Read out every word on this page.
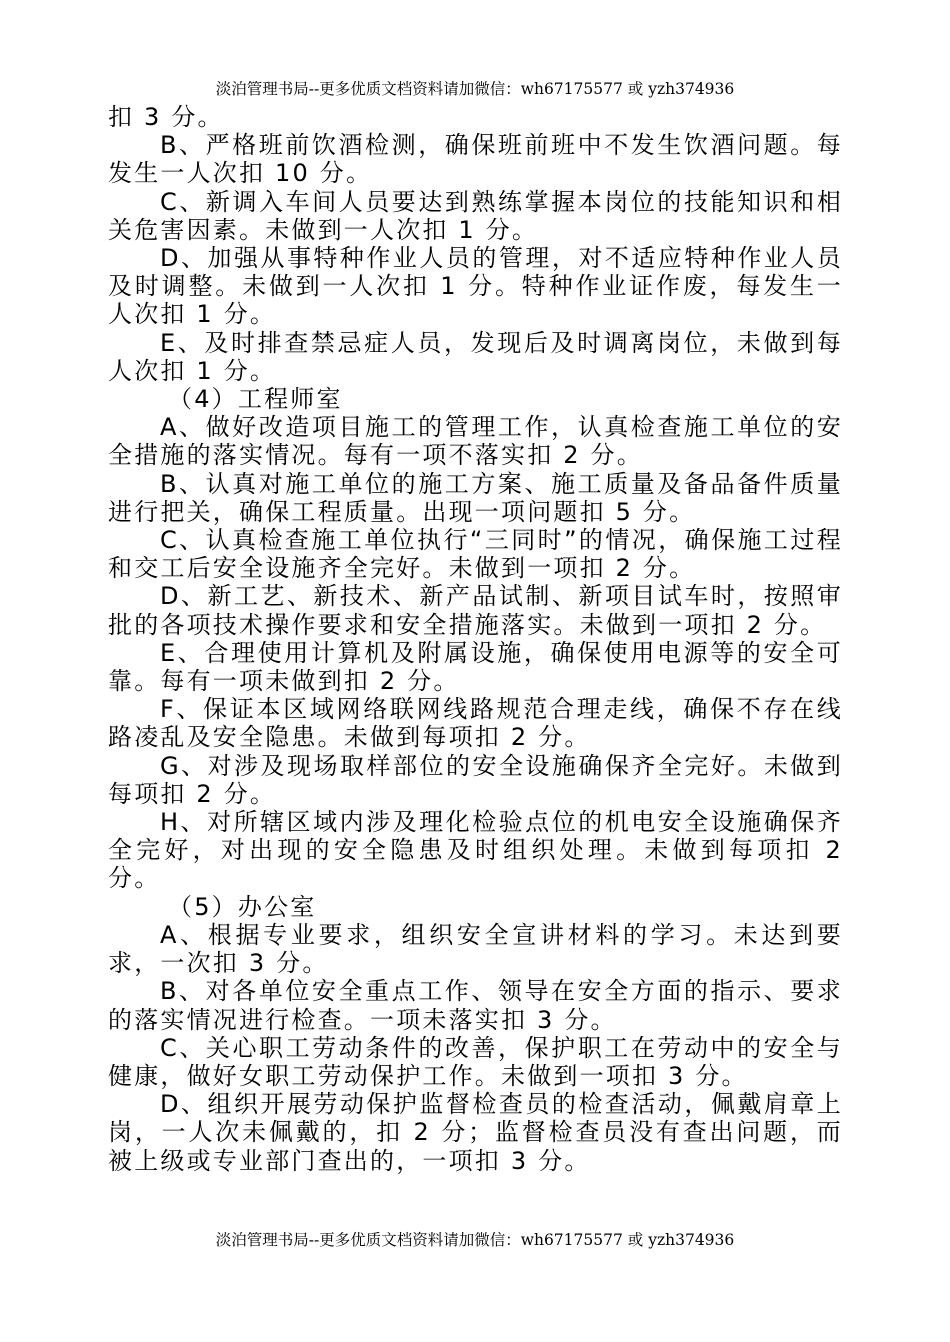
淡泊管理书局--更多优质文档资料请加微信：wh67175577 或 yzh374936

扣 3 分。

B、严格班前饮酒检测，确保班前班中不发生饮酒问题。每发生一人次扣 10 分。

C、新调入车间人员要达到熟练掌握本岗位的技能知识和相关危害因素。未做到一人次扣 1 分。

D、加强从事特种作业人员的管理，对不适应特种作业人员及时调整。未做到一人次扣 1 分。特种作业证作废，每发生一人次扣 1 分。

E、及时排查禁忌症人员，发现后及时调离岗位，未做到每人次扣 1 分。

（4）工程师室

A、做好改造项目施工的管理工作，认真检查施工单位的安全措施的落实情况。每有一项不落实扣 2 分。

B、认真对施工单位的施工方案、施工质量及备品备件质量进行把关，确保工程质量。出现一项问题扣 5 分。

C、认真检查施工单位执行“三同时”的情况，确保施工过程和交工后安全设施齐全完好。未做到一项扣 2 分。

D、新工艺、新技术、新产品试制、新项目试车时，按照审批的各项技术操作要求和安全措施落实。未做到一项扣 2 分。

E、合理使用计算机及附属设施，确保使用电源等的安全可靠。每有一项未做到扣 2 分。

F、保证本区域网络联网线路规范合理走线，确保不存在线路凌乱及安全隐患。未做到每项扣 2 分。

G、对涉及现场取样部位的安全设施确保齐全完好。未做到每项扣 2 分。

H、对所辖区域内涉及理化检验点位的机电安全设施确保齐全完好，对出现的安全隐患及时组织处理。未做到每项扣 2 分。

（5）办公室

A、根据专业要求，组织安全宣讲材料的学习。未达到要求，一次扣 3 分。

B、对各单位安全重点工作、领导在安全方面的指示、要求的落实情况进行检查。一项未落实扣 3 分。

C、关心职工劳动条件的改善，保护职工在劳动中的安全与健康，做好女职工劳动保护工作。未做到一项扣 3 分。

D、组织开展劳动保护监督检查员的检查活动，佩戴肩章上岗，一人次未佩戴的，扣 2 分；监督检查员没有查出问题，而被上级或专业部门查出的，一项扣 3 分。

淡泊管理书局--更多优质文档资料请加微信：wh67175577 或 yzh374936
